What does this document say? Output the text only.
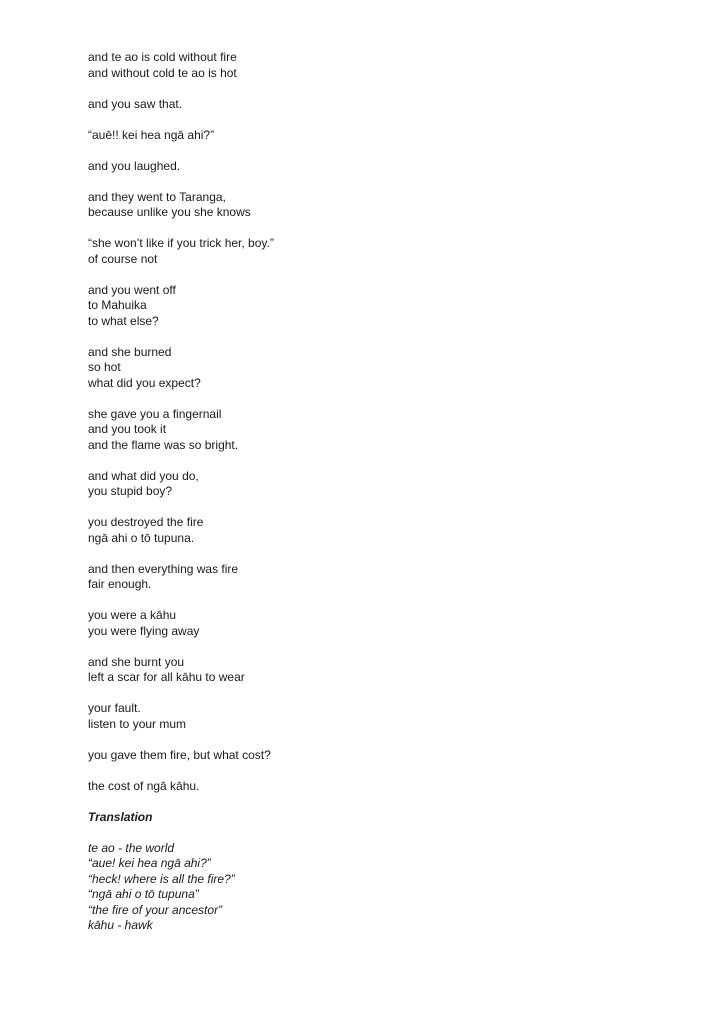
and te ao is cold without fire
and without cold te ao is hot
and you saw that.
“auē!! kei hea ngā ahi?”
and you laughed.
and they went to Taranga,
because unlike you she knows
“she won’t like if you trick her, boy.”
of course not
and you went off
to Mahuika
to what else?
and she burned
so hot
what did you expect?
she gave you a fingernail
and you took it
and the flame was so bright.
and what did you do,
you stupid boy?
you destroyed the fire
ngā ahi o tō tupuna.
and then everything was fire
fair enough.
you were a kāhu
you were flying away
and she burnt you
left a scar for all kāhu to wear
your fault.
listen to your mum
you gave them fire, but what cost?
the cost of ngā kāhu.
Translation
te ao - the world
“aue! kei hea ngā ahi?”
“heck! where is all the fire?”
“ngā ahi o tō tupuna”
“the fire of your ancestor”
kāhu - hawk
